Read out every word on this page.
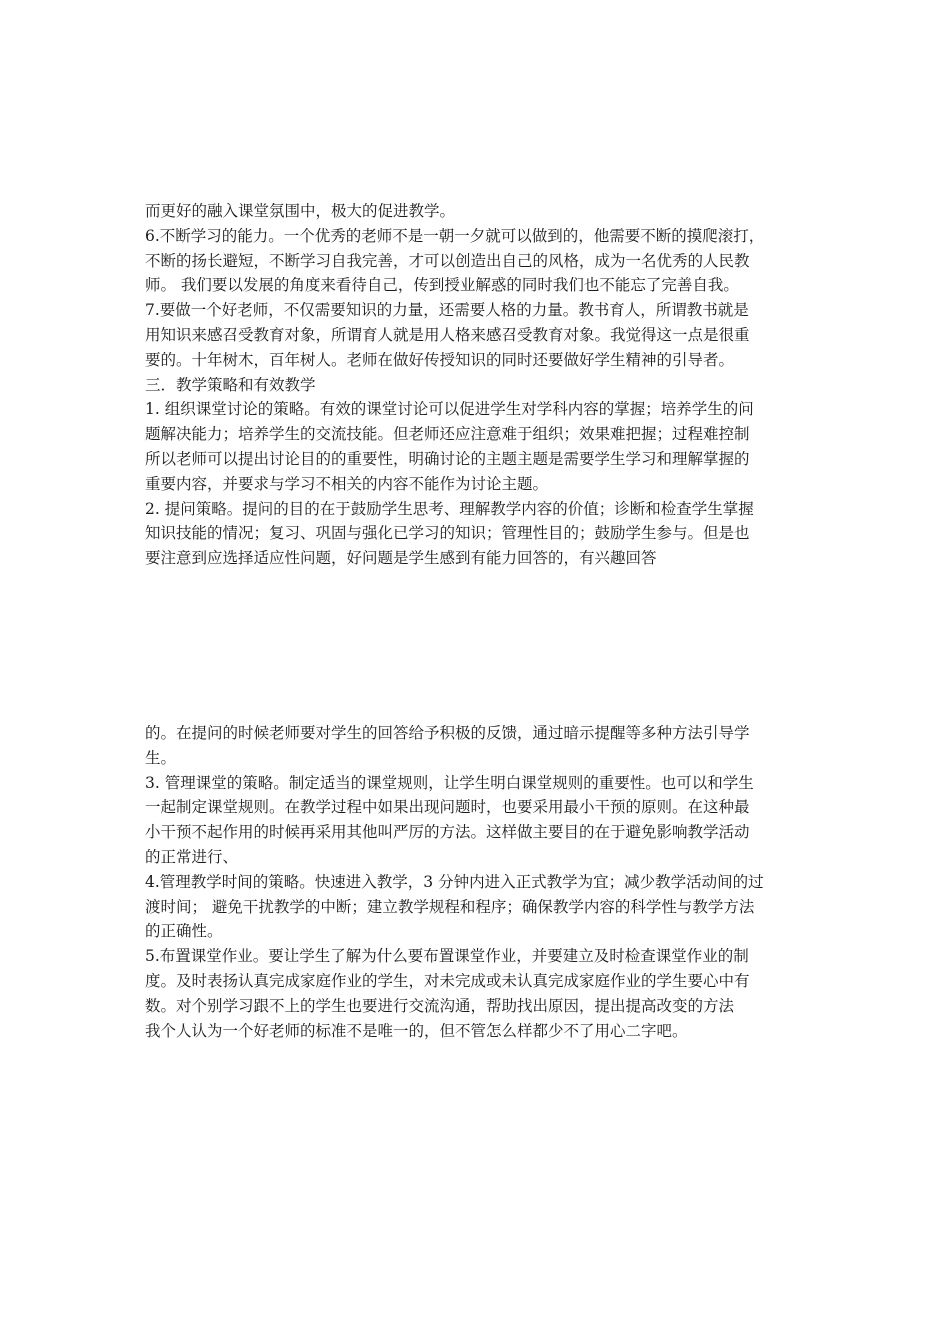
而更好的融入课堂氛围中，极大的促进教学。
6.不断学习的能力。一个优秀的老师不是一朝一夕就可以做到的，他需要不断的摸爬滚打，
不断的扬长避短，不断学习自我完善，才可以创造出自己的风格，成为一名优秀的人民教
师。 我们要以发展的角度来看待自己，传到授业解惑的同时我们也不能忘了完善自我。
7.要做一个好老师，不仅需要知识的力量，还需要人格的力量。教书育人，所谓教书就是
用知识来感召受教育对象，所谓育人就是用人格来感召受教育对象。我觉得这一点是很重
要的。十年树木，百年树人。老师在做好传授知识的同时还要做好学生精神的引导者。
三．教学策略和有效教学
1. 组织课堂讨论的策略。有效的课堂讨论可以促进学生对学科内容的掌握；培养学生的问
题解决能力；培养学生的交流技能。但老师还应注意难于组织；效果难把握；过程难控制
所以老师可以提出讨论目的的重要性，明确讨论的主题主题是需要学生学习和理解掌握的
重要内容，并要求与学习不相关的内容不能作为讨论主题。
2. 提问策略。提问的目的在于鼓励学生思考、理解教学内容的价值；诊断和检查学生掌握
知识技能的情况；复习、巩固与强化已学习的知识；管理性目的；鼓励学生参与。但是也
要注意到应选择适应性问题，好问题是学生感到有能力回答的，有兴趣回答
的。在提问的时候老师要对学生的回答给予积极的反馈，通过暗示提醒等多种方法引导学
生。
3. 管理课堂的策略。制定适当的课堂规则，让学生明白课堂规则的重要性。也可以和学生
一起制定课堂规则。在教学过程中如果出现问题时，也要采用最小干预的原则。在这种最
小干预不起作用的时候再采用其他叫严厉的方法。这样做主要目的在于避免影响教学活动
的正常进行、
4.管理教学时间的策略。快速进入教学，3 分钟内进入正式教学为宜；减少教学活动间的过
渡时间； 避免干扰教学的中断；建立教学规程和程序；确保教学内容的科学性与教学方法
的正确性。
5.布置课堂作业。要让学生了解为什么要布置课堂作业，并要建立及时检查课堂作业的制
度。及时表扬认真完成家庭作业的学生，对未完成或未认真完成家庭作业的学生要心中有
数。对个别学习跟不上的学生也要进行交流沟通，帮助找出原因，提出提高改变的方法
我个人认为一个好老师的标准不是唯一的，但不管怎么样都少不了用心二字吧。
